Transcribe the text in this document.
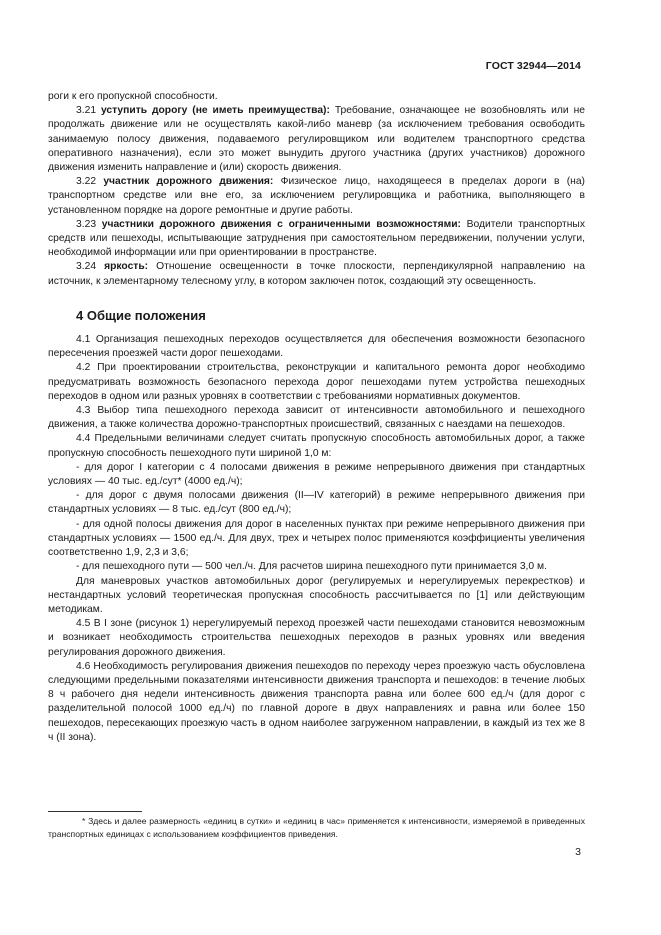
ГОСТ 32944—2014

роги к его пропускной способности.

3.21 уступить дорогу (не иметь преимущества): Требование, означающее не возобновлять или не продолжать движение или не осуществлять какой-либо маневр (за исключением требования освободить занимаемую полосу движения, подаваемого регулировщиком или водителем транспортного средства оперативного назначения), если это может вынудить другого участника (других участников) дорожного движения изменить направление и (или) скорость движения.

3.22 участник дорожного движения: Физическое лицо, находящееся в пределах дороги в (на) транспортном средстве или вне его, за исключением регулировщика и работника, выполняющего в установленном порядке на дороге ремонтные и другие работы.

3.23 участники дорожного движения с ограниченными возможностями: Водители транспортных средств или пешеходы, испытывающие затруднения при самостоятельном передвижении, получении услуги, необходимой информации или при ориентировании в пространстве.

3.24 яркость: Отношение освещенности в точке плоскости, перпендикулярной направлению на источник, к элементарному телесному углу, в котором заключен поток, создающий эту освещенность.

4 Общие положения

4.1 Организация пешеходных переходов осуществляется для обеспечения возможности безопасного пересечения проезжей части дорог пешеходами.

4.2 При проектировании строительства, реконструкции и капитального ремонта дорог необходимо предусматривать возможность безопасного перехода дорог пешеходами путем устройства пешеходных переходов в одном или разных уровнях в соответствии с требованиями нормативных документов.

4.3 Выбор типа пешеходного перехода зависит от интенсивности автомобильного и пешеходного движения, а также количества дорожно-транспортных происшествий, связанных с наездами на пешеходов.

4.4 Предельными величинами следует считать пропускную способность автомобильных дорог, а также пропускную способность пешеходного пути шириной 1,0 м:

- для дорог I категории с 4 полосами движения в режиме непрерывного движения при стандартных условиях — 40 тыс. ед./сут* (4000 ед./ч);

- для дорог с двумя полосами движения (II—IV категорий) в режиме непрерывного движения при стандартных условиях — 8 тыс. ед./сут (800 ед./ч);

- для одной полосы движения для дорог в населенных пунктах при режиме непрерывного движения при стандартных условиях — 1500 ед./ч. Для двух, трех и четырех полос применяются коэффициенты увеличения соответственно 1,9, 2,3 и 3,6;

- для пешеходного пути — 500 чел./ч. Для расчетов ширина пешеходного пути принимается 3,0 м.

Для маневровых участков автомобильных дорог (регулируемых и нерегулируемых перекрестков) и нестандартных условий теоретическая пропускная способность рассчитывается по [1] или действующим методикам.

4.5 В I зоне (рисунок 1) нерегулируемый переход проезжей части пешеходами становится невозможным и возникает необходимость строительства пешеходных переходов в разных уровнях или введения регулирования дорожного движения.

4.6 Необходимость регулирования движения пешеходов по переходу через проезжую часть обусловлена следующими предельными показателями интенсивности движения транспорта и пешеходов: в течение любых 8 ч рабочего дня недели интенсивность движения транспорта равна или более 600 ед./ч (для дорог с разделительной полосой 1000 ед./ч) по главной дороге в двух направлениях и равна или более 150 пешеходов, пересекающих проезжую часть в одном наиболее загруженном направлении, в каждый из тех же 8 ч (II зона).

* Здесь и далее размерность «единиц в сутки» и «единиц в час» применяется к интенсивности, измеряемой в приведенных транспортных единицах с использованием коэффициентов приведения.

3
